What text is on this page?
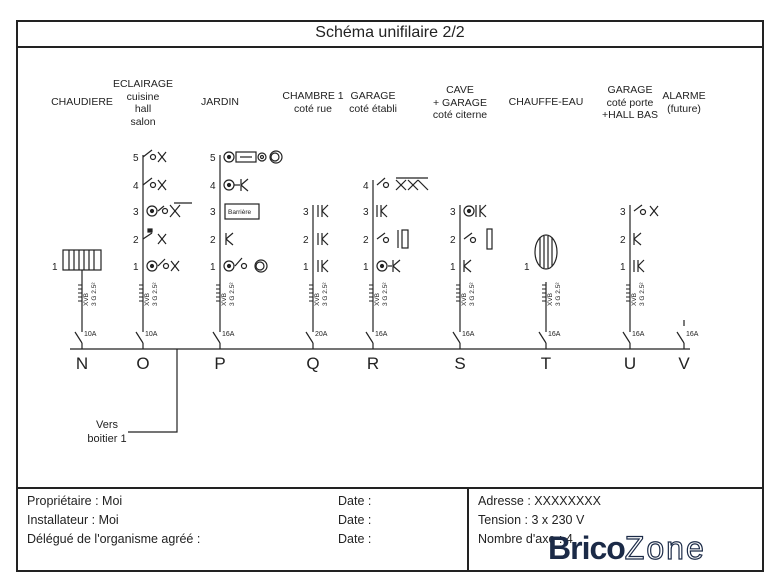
Schéma unifilaire 2/2
CHAUDIERE
ECLAIRAGE
cuisine
hall
salon
JARDIN	CHAMBRE 1
coté rue
GARAGE
coté établi
CAVE
+ GARAGE
coté citerne
CHAUFFE-EAU
GARAGE
coté porte
+HALL BAS
ALARME
(future)
5
4
3
2
1
5
4
3
2
1
3
2
1
4
3
2
1
3
2
1
3
2
1
1	1
Barrière
XVB3 G 2.5²	XVB3 G 2.5²	XVB3 G 2.5²	XVB3 G 2.5²	XVB3 G 2.5²	XVB3 G 2.5²	XVB3 G 2.5²	XVB3 G 2.5²
10A	10A	16A	20A	16A	16A	16A	16A	16A
N	O	P	Q	R	S	T	U V
Vers
boitier 1
Propriétaire : Moi
Installateur : Moi
Délégué de l'organisme agréé :
Date :
Date :
Date :
Adresse : XXXXXXXX
Tension : 3 x 230 V
Nombre d'axe : 4
BricoZone
